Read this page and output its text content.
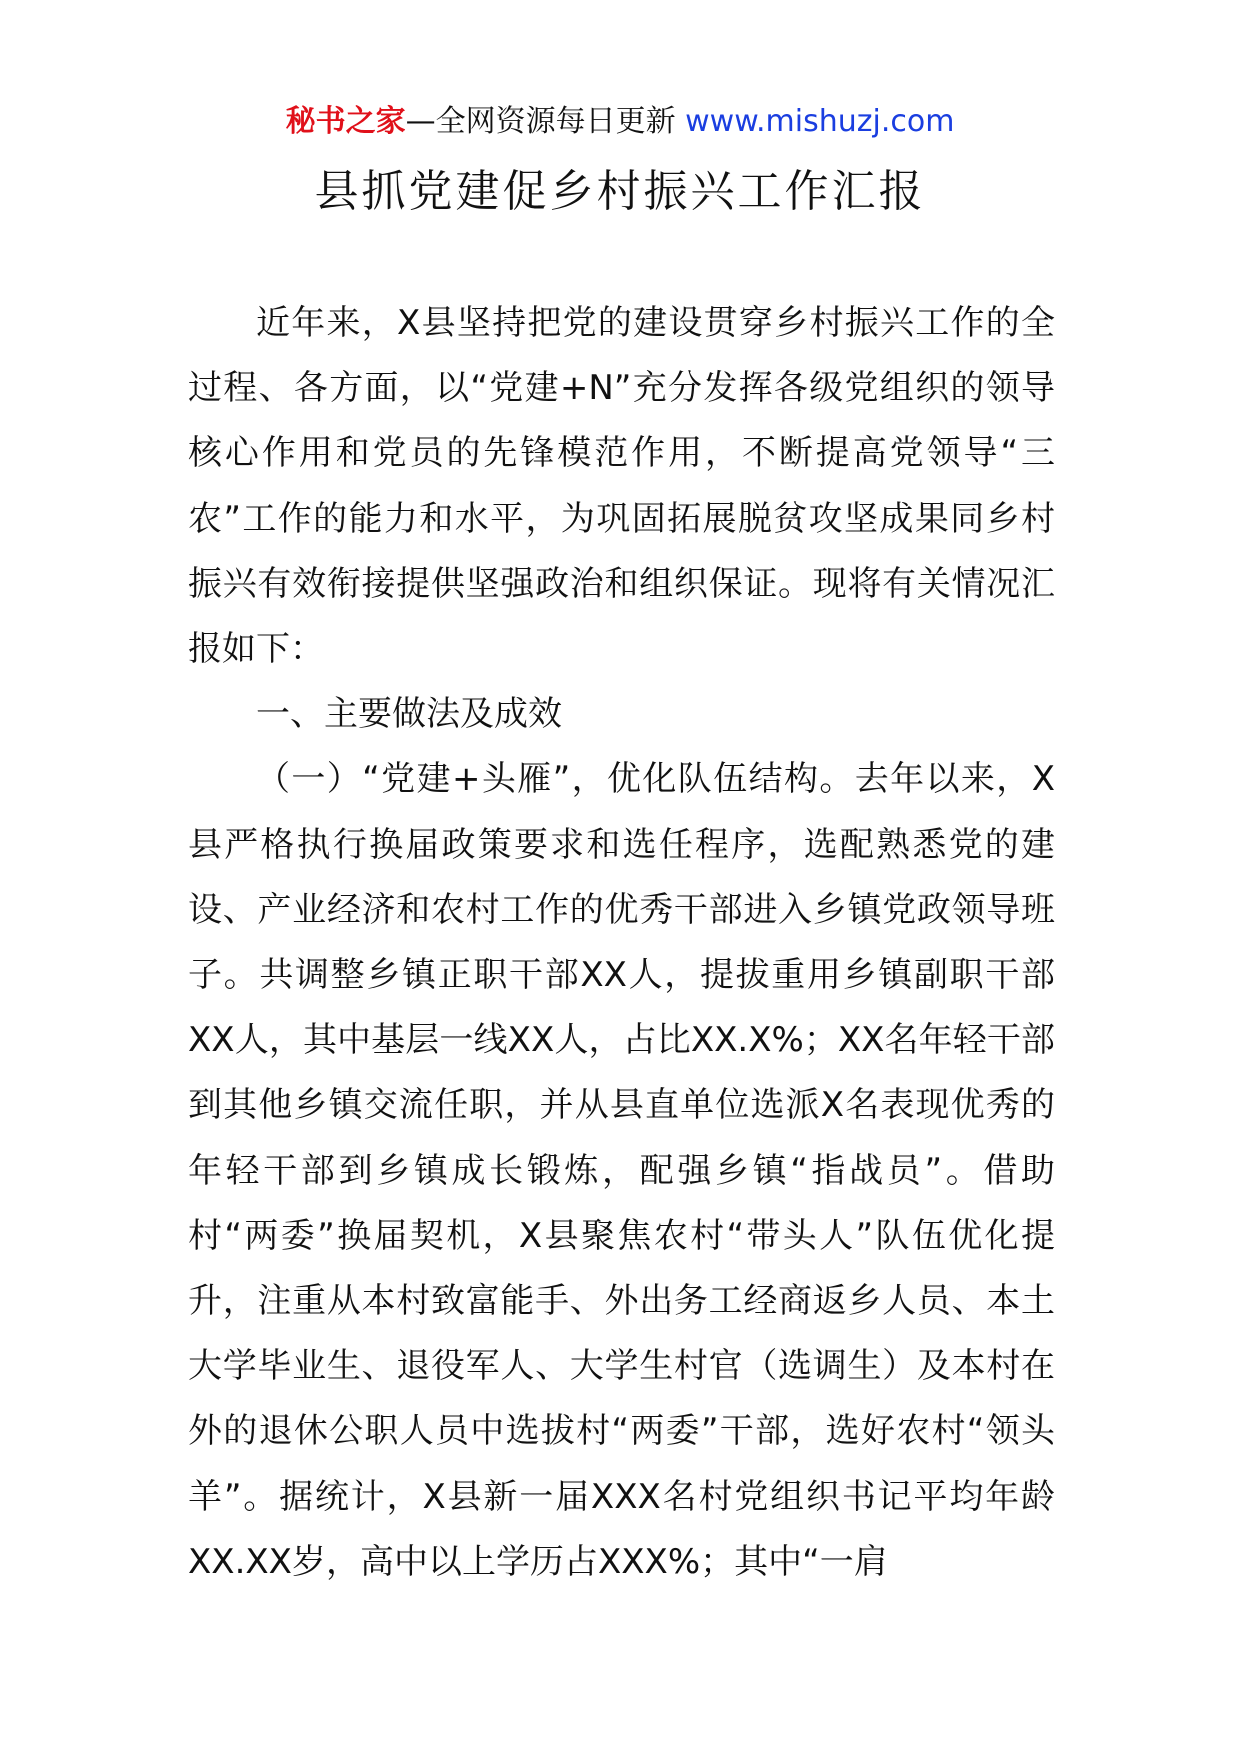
秘书之家—全网资源每日更新 www.mishuzj.com
县抓党建促乡村振兴工作汇报

近年来，X县坚持把党的建设贯穿乡村振兴工作的全过程、各方面，以“党建+N”充分发挥各级党组织的领导核心作用和党员的先锋模范作用，不断提高党领导“三农”工作的能力和水平，为巩固拓展脱贫攻坚成果同乡村振兴有效衔接提供坚强政治和组织保证。现将有关情况汇报如下：

一、主要做法及成效

（一）“党建+头雁”，优化队伍结构。去年以来，X县严格执行换届政策要求和选任程序，选配熟悉党的建设、产业经济和农村工作的优秀干部进入乡镇党政领导班子。共调整乡镇正职干部XX人，提拔重用乡镇副职干部XX人，其中基层一线XX人，占比XX.X%；XX名年轻干部到其他乡镇交流任职，并从县直单位选派X名表现优秀的年轻干部到乡镇成长锻炼，配强乡镇“指战员”。借助村“两委”换届契机，X县聚焦农村“带头人”队伍优化提升，注重从本村致富能手、外出务工经商返乡人员、本土大学毕业生、退役军人、大学生村官（选调生）及本村在外的退休公职人员中选拔村“两委”干部，选好农村“领头羊”。据统计，X县新一届XXX名村党组织书记平均年龄XX.XX岁，高中以上学历占XXX%；其中“一肩
